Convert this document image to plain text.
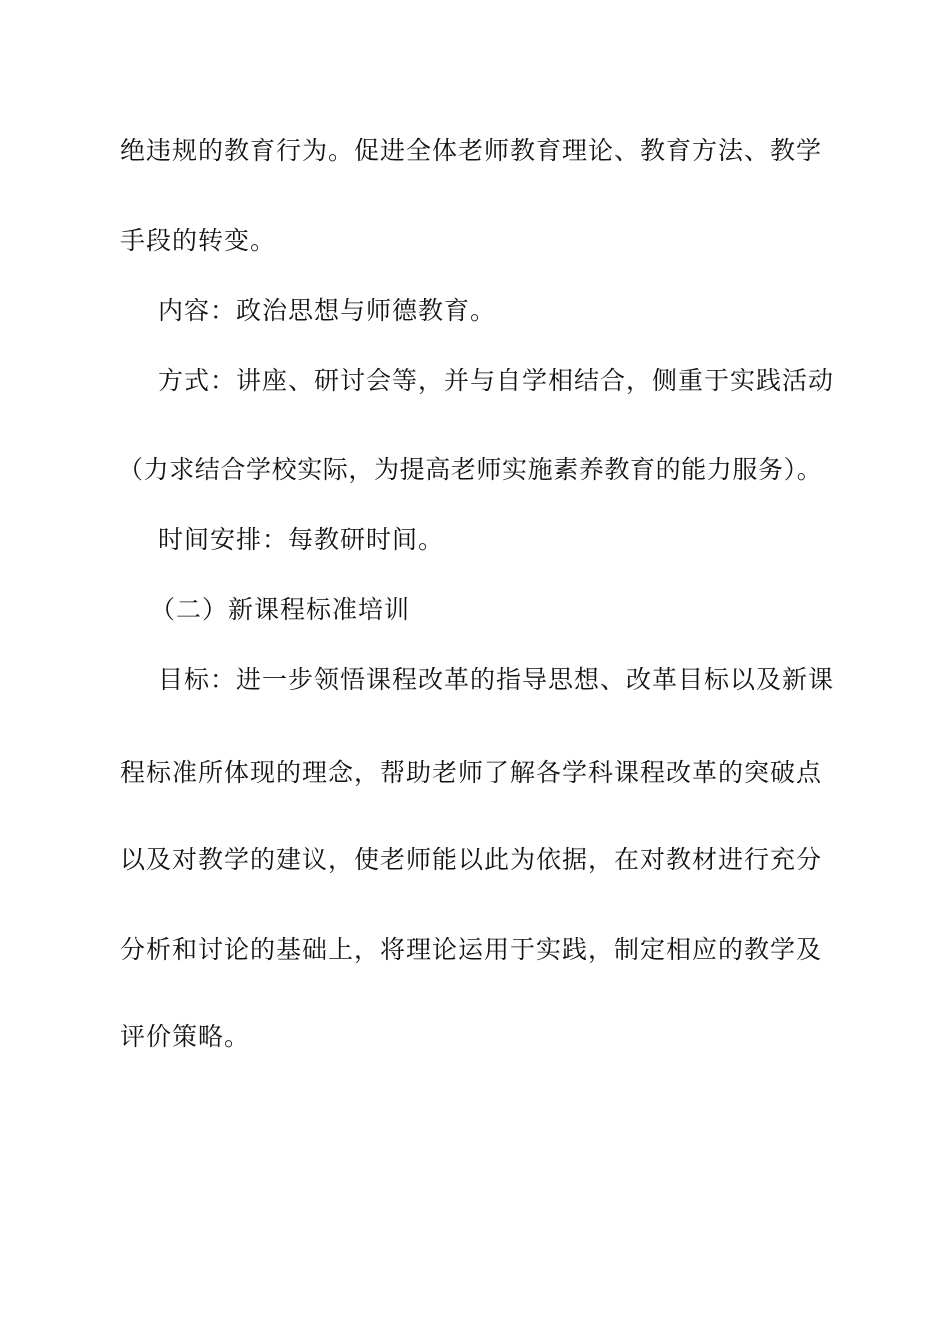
绝违规的教育行为。促进全体老师教育理论、教育方法、教学
手段的转变。
内容：政治思想与师德教育。
方式：讲座、研讨会等，并与自学相结合，侧重于实践活动
（力求结合学校实际，为提高老师实施素养教育的能力服务）。
时间安排：每教研时间。
（二）新课程标准培训
目标：进一步领悟课程改革的指导思想、改革目标以及新课
程标准所体现的理念，帮助老师了解各学科课程改革的突破点
以及对教学的建议，使老师能以此为依据，在对教材进行充分
分析和讨论的基础上，将理论运用于实践，制定相应的教学及
评价策略。
